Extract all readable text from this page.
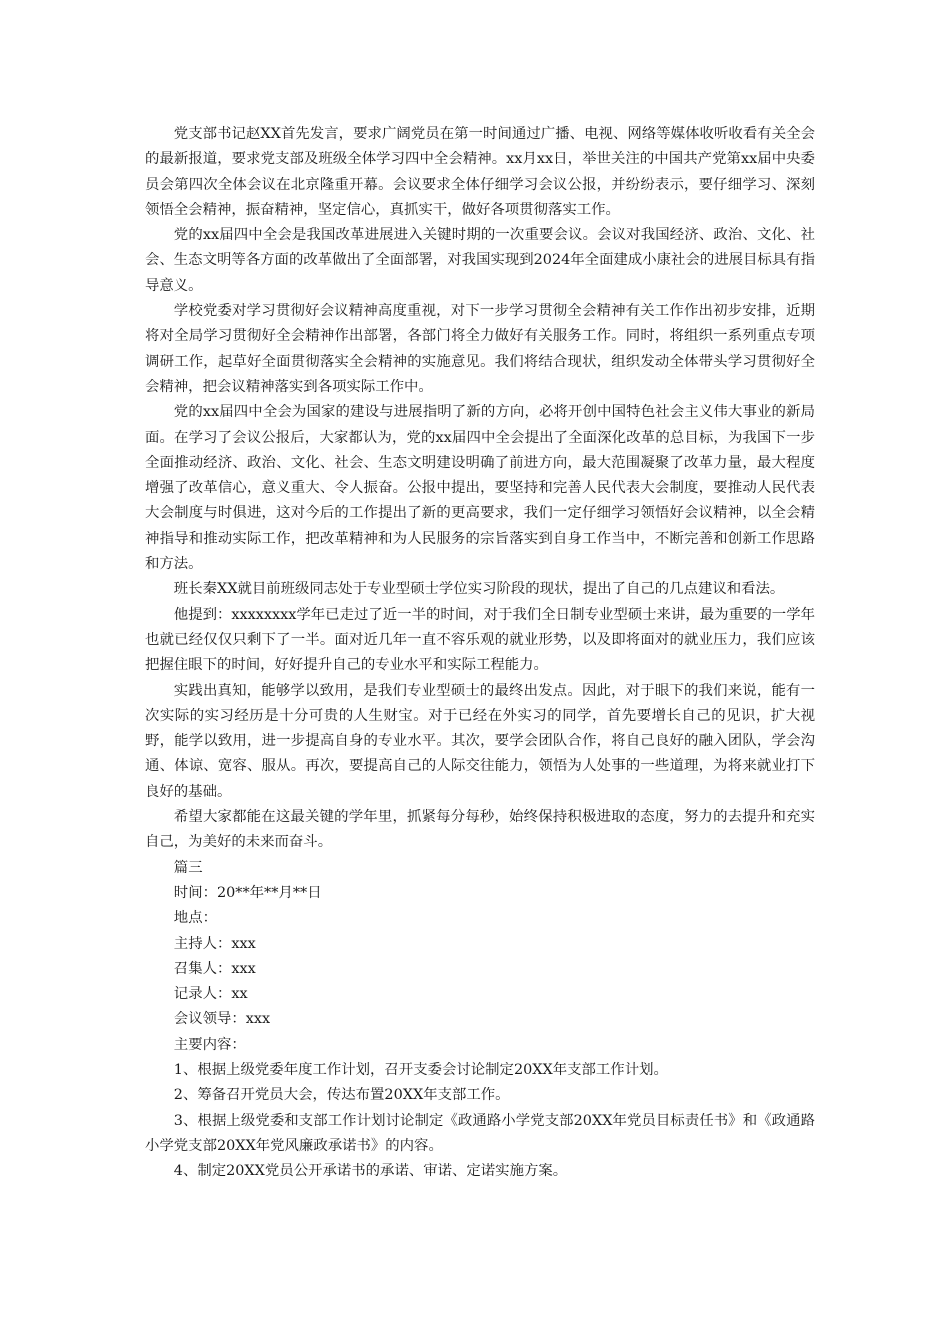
党支部书记赵XX首先发言，要求广阔党员在第一时间通过广播、电视、网络等媒体收听收看有关全会的最新报道，要求党支部及班级全体学习四中全会精神。xx月xx日，举世关注的中国共产党第xx届中央委员会第四次全体会议在北京隆重开幕。会议要求全体仔细学习会议公报，并纷纷表示，要仔细学习、深刻领悟全会精神，振奋精神，坚定信心，真抓实干，做好各项贯彻落实工作。

党的xx届四中全会是我国改革进展进入关键时期的一次重要会议。会议对我国经济、政治、文化、社会、生态文明等各方面的改革做出了全面部署，对我国实现到2024年全面建成小康社会的进展目标具有指导意义。

学校党委对学习贯彻好会议精神高度重视，对下一步学习贯彻全会精神有关工作作出初步安排，近期将对全局学习贯彻好全会精神作出部署，各部门将全力做好有关服务工作。同时，将组织一系列重点专项调研工作，起草好全面贯彻落实全会精神的实施意见。我们将结合现状，组织发动全体带头学习贯彻好全会精神，把会议精神落实到各项实际工作中。

党的xx届四中全会为国家的建设与进展指明了新的方向，必将开创中国特色社会主义伟大事业的新局面。在学习了会议公报后，大家都认为，党的xx届四中全会提出了全面深化改革的总目标，为我国下一步全面推动经济、政治、文化、社会、生态文明建设明确了前进方向，最大范围凝聚了改革力量，最大程度增强了改革信心，意义重大、令人振奋。公报中提出，要坚持和完善人民代表大会制度，要推动人民代表大会制度与时俱进，这对今后的工作提出了新的更高要求，我们一定仔细学习领悟好会议精神，以全会精神指导和推动实际工作，把改革精神和为人民服务的宗旨落实到自身工作当中，不断完善和创新工作思路和方法。

班长秦XX就目前班级同志处于专业型硕士学位实习阶段的现状，提出了自己的几点建议和看法。

他提到：xxxxxxxx学年已走过了近一半的时间，对于我们全日制专业型硕士来讲，最为重要的一学年也就已经仅仅只剩下了一半。面对近几年一直不容乐观的就业形势，以及即将面对的就业压力，我们应该把握住眼下的时间，好好提升自己的专业水平和实际工程能力。

实践出真知，能够学以致用，是我们专业型硕士的最终出发点。因此，对于眼下的我们来说，能有一次实际的实习经历是十分可贵的人生财宝。对于已经在外实习的同学，首先要增长自己的见识，扩大视野，能学以致用，进一步提高自身的专业水平。其次，要学会团队合作，将自己良好的融入团队，学会沟通、体谅、宽容、服从。再次，要提高自己的人际交往能力，领悟为人处事的一些道理，为将来就业打下良好的基础。

希望大家都能在这最关键的学年里，抓紧每分每秒，始终保持积极进取的态度，努力的去提升和充实自己，为美好的未来而奋斗。

篇三

时间：20**年**月**日

地点：

主持人：xxx

召集人：xxx

记录人：xx

会议领导：xxx

主要内容：

1、根据上级党委年度工作计划，召开支委会讨论制定20XX年支部工作计划。

2、筹备召开党员大会，传达布置20XX年支部工作。

3、根据上级党委和支部工作计划讨论制定《政通路小学党支部20XX年党员目标责任书》和《政通路小学党支部20XX年党风廉政承诺书》的内容。

4、制定20XX党员公开承诺书的承诺、审诺、定诺实施方案。
